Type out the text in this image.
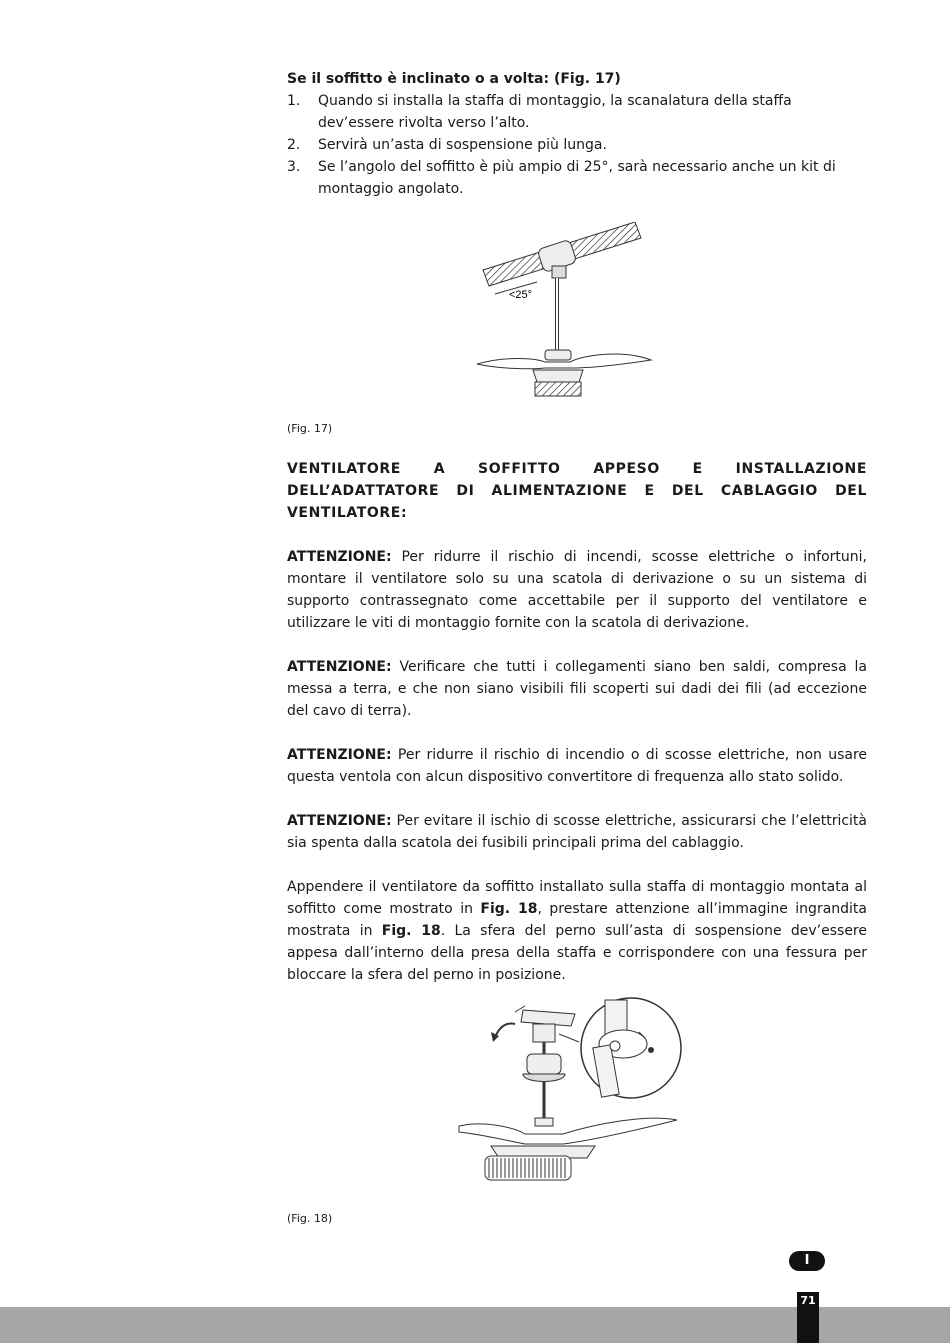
Se il soffitto è inclinato o a volta: (Fig. 17)

1. Quando si installa la staffa di montaggio, la scanalatura della staffa dev’essere rivolta verso l’alto.
2. Servirà un’asta di sospensione più lunga.
3. Se l’angolo del soffitto è più ampio di 25°, sarà necessario anche un kit di montaggio angolato.
<25°

(Fig. 17)

VENTILATORE A SOFFITTO APPESO E INSTALLAZIONE DELL’ADATTATORE DI ALIMENTAZIONE E DEL CABLAGGIO DEL VENTILATORE:

ATTENZIONE: Per ridurre il rischio di incendi, scosse elettriche o infortuni, montare il ventilatore solo su una scatola di derivazione o su un sistema di supporto contrassegnato come accettabile per il supporto del ventilatore e utilizzare le viti di montaggio fornite con la scatola di derivazione.

ATTENZIONE: Verificare che tutti i collegamenti siano ben saldi, compresa la messa a terra, e che non siano visibili fili scoperti sui dadi dei fili (ad eccezione del cavo di terra).

ATTENZIONE: Per ridurre il rischio di incendio o di scosse elettriche, non usare questa ventola con alcun dispositivo convertitore di frequenza allo stato solido.

ATTENZIONE: Per evitare il ischio di scosse elettriche, assicurarsi che l’elettricità sia spenta dalla scatola dei fusibili principali prima del cablaggio.

Appendere il ventilatore da soffitto installato sulla staffa di montaggio montata al soffitto come mostrato in Fig. 18, prestare attenzione all’immagine ingrandita mostrata in Fig. 18. La sfera del perno sull’asta di sospensione dev’essere appesa dall’interno della presa della staffa e corrispondere con una fessura per bloccare la sfera del perno in posizione.

(Fig. 18)

I
71
